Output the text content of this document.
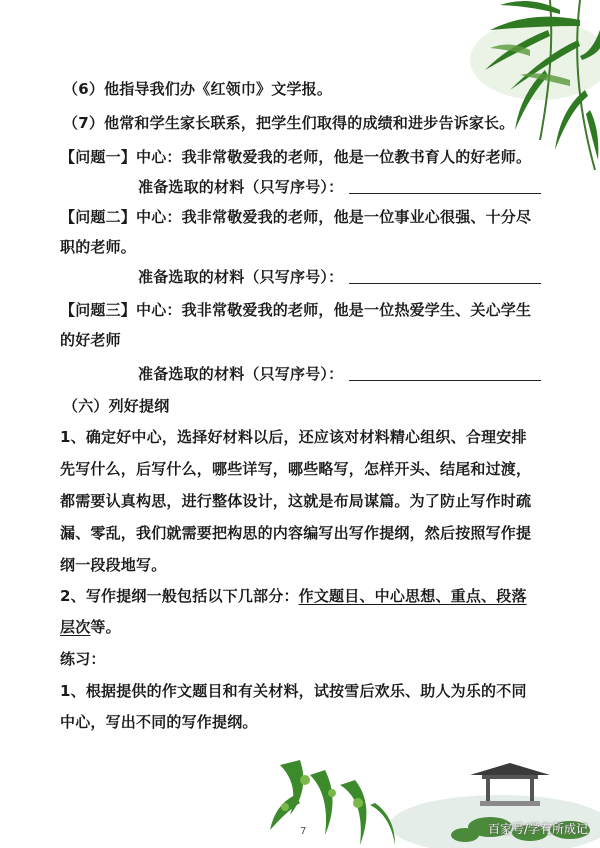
（6）他指导我们办《红领巾》文学报。
（7）他常和学生家长联系，把学生们取得的成绩和进步告诉家长。
【问题一】中心：我非常敬爱我的老师，他是一位教书育人的好老师。
准备选取的材料（只写序号）：
【问题二】中心：我非常敬爱我的老师，他是一位事业心很强、十分尽
职的老师。
准备选取的材料（只写序号）：
【问题三】中心：我非常敬爱我的老师，他是一位热爱学生、关心学生
的好老师
准备选取的材料（只写序号）：
（六）列好提纲
1、确定好中心，选择好材料以后，还应该对材料精心组织、合理安排
先写什么，后写什么，哪些详写，哪些略写，怎样开头、结尾和过渡，
都需要认真构思，进行整体设计，这就是布局谋篇。为了防止写作时疏
漏、零乱，我们就需要把构思的内容编写出写作提纲，然后按照写作提
纲一段段地写。
2、写作提纲一般包括以下几部分：作文题目、中心思想、重点、段落
层次等。
练习：
1、根据提供的作文题目和有关材料，试按雪后欢乐、助人为乐的不同
中心，写出不同的写作提纲。
7	百家号/学有所成记
